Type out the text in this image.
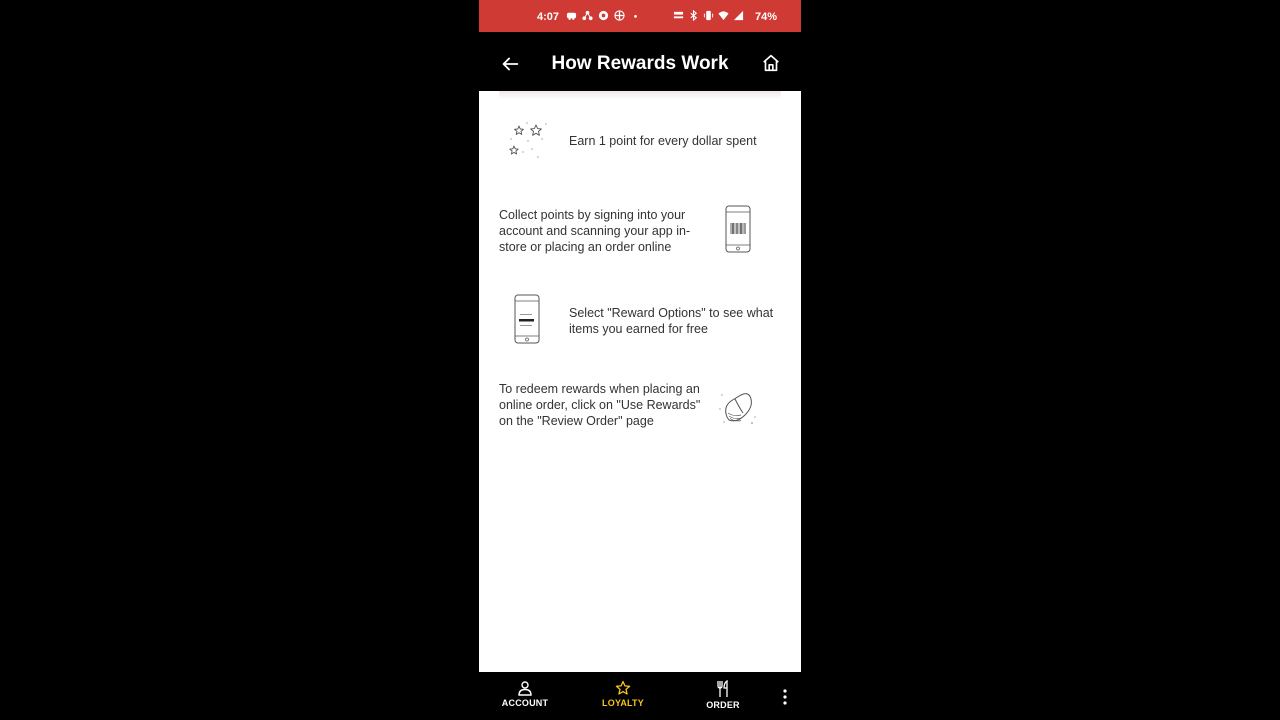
4:07	74%
How Rewards Work
Earn 1 point for every dollar spent
Collect points by signing into your account and scanning your app in-store or placing an order online
Select "Reward Options" to see what items you earned for free
To redeem rewards when placing an online order, click on "Use Rewards" on the "Review Order" page
ACCOUNT	LOYALTY	ORDER
